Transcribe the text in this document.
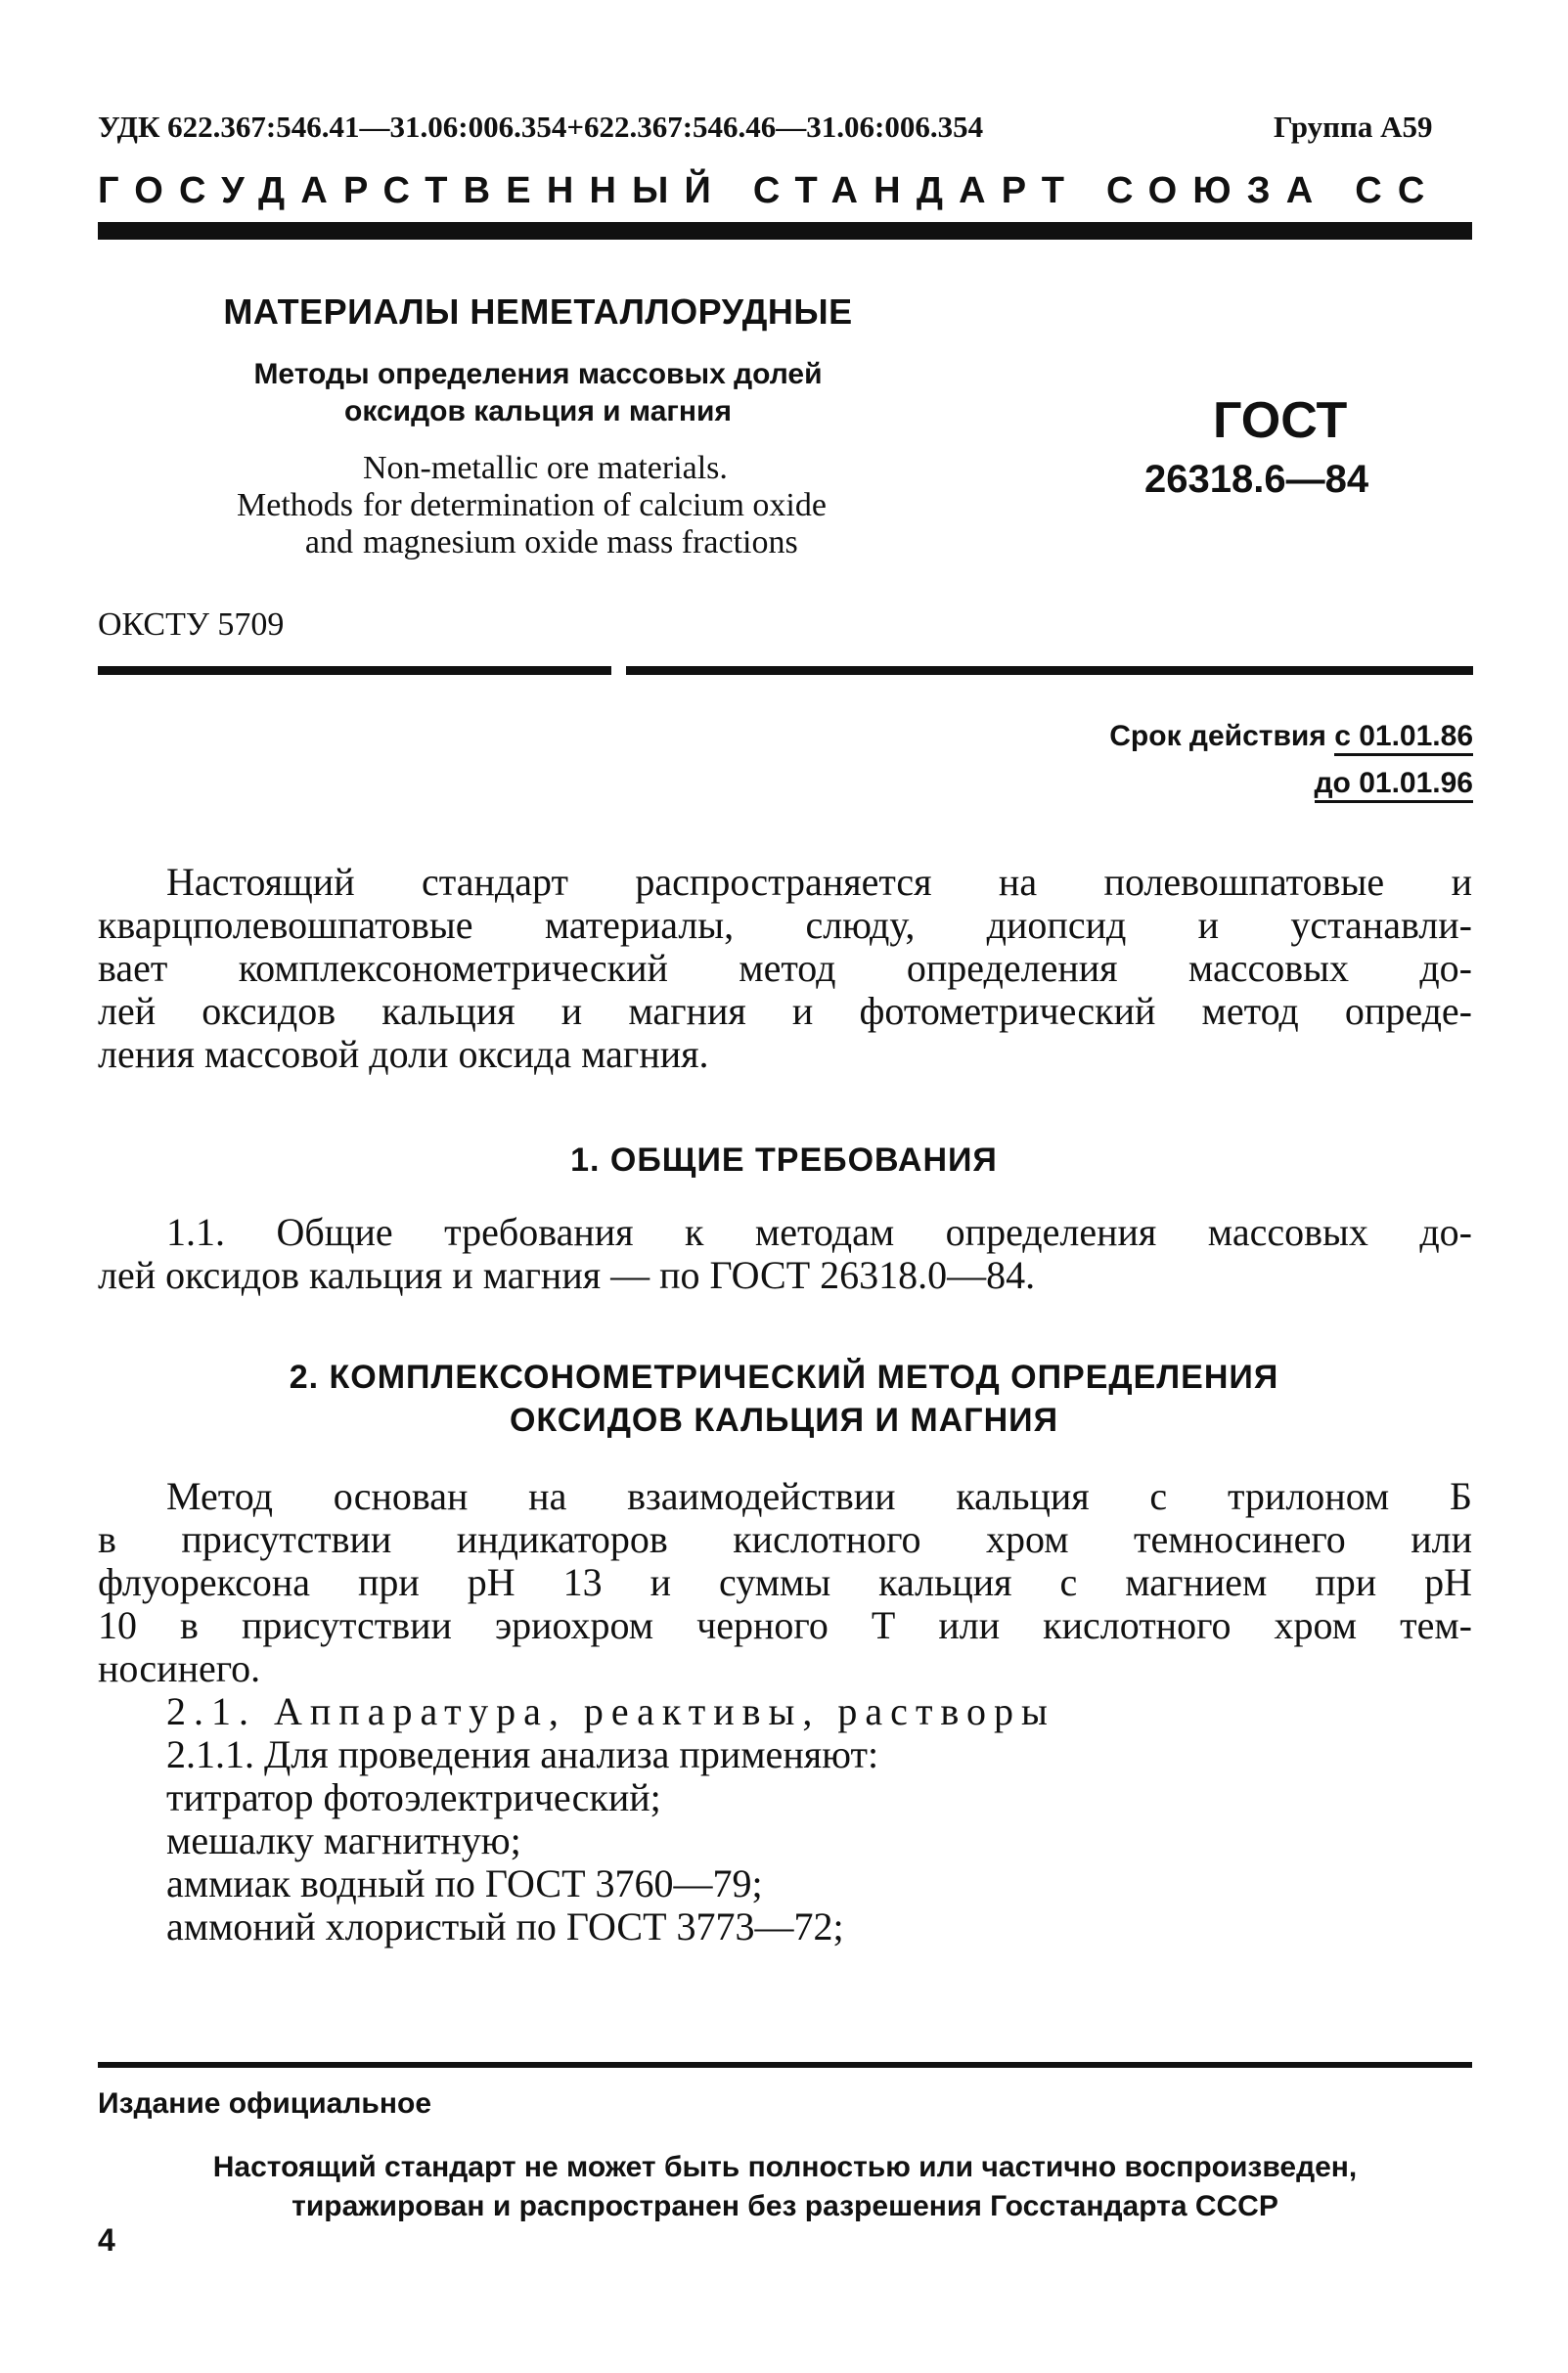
УДК 622.367:546.41—31.06:006.354+622.367:546.46—31.06:006.354	Группа А59
ГОСУДАРСТВЕННЫЙ СТАНДАРТ СОЮЗА СС
МАТЕРИАЛЫ НЕМЕТАЛЛОРУДНЫЕ
Методы определения массовых долей
оксидов кальция и магния
Non-metallic ore materials.
Methods for determination of calcium oxide
and magnesium oxide mass fractions
ГОСТ
26318.6—84
ОКСТУ 5709
Срок действия с 01.01.86
до 01.01.96
Настоящий стандарт распространяется на полевошпатовые и
кварцполевошпатовые материалы, слюду, диопсид и устанавли-
вает комплексонометрический метод определения массовых до-
лей оксидов кальция и магния и фотометрический метод опреде-
ления массовой доли оксида магния.
1. ОБЩИЕ ТРЕБОВАНИЯ
1.1. Общие требования к методам определения массовых до-
лей оксидов кальция и магния — по ГОСТ 26318.0—84.
2. КОМПЛЕКСОНОМЕТРИЧЕСКИЙ МЕТОД ОПРЕДЕЛЕНИЯ
ОКСИДОВ КАЛЬЦИЯ И МАГНИЯ
Метод основан на взаимодействии кальция с трилоном Б
в присутствии индикаторов кислотного хром темносинего или
флуорексона при pH 13 и суммы кальция с магнием при pH
10 в присутствии эриохром черного Т или кислотного хром тем-
носинего.
2.1. Аппаратура, реактивы, растворы
2.1.1. Для проведения анализа применяют:
титратор фотоэлектрический;
мешалку магнитную;
аммиак водный по ГОСТ 3760—79;
аммоний хлористый по ГОСТ 3773—72;
Издание официальное
Настоящий стандарт не может быть полностью или частично воспроизведен,
тиражирован и распространен без разрешения Госстандарта СССР
4
